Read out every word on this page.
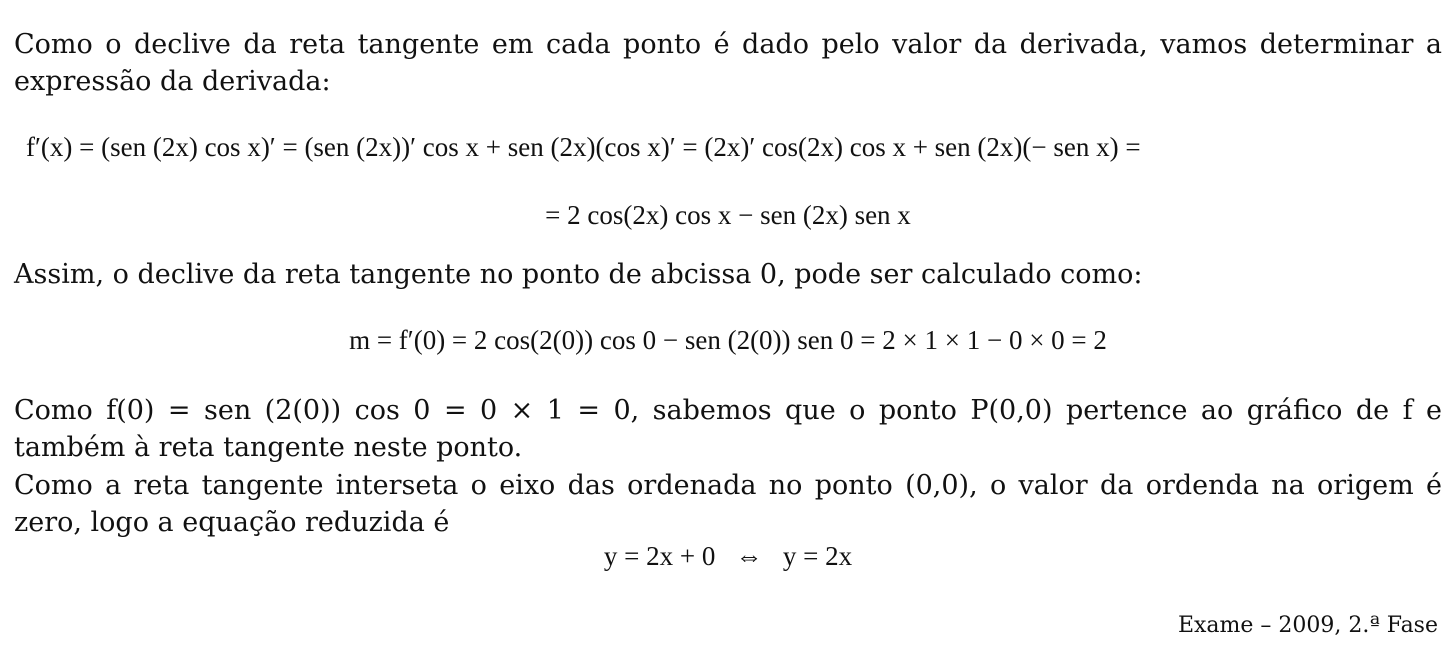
Como o declive da reta tangente em cada ponto é dado pelo valor da derivada, vamos determinar a expressão da derivada:
f′(x) = (sen (2x) cos x)′ = (sen (2x))′ cos x + sen (2x)(cos x)′ = (2x)′ cos(2x) cos x + sen (2x)(− sen x) =
= 2 cos(2x) cos x − sen (2x) sen x
Assim, o declive da reta tangente no ponto de abcissa 0, pode ser calculado como:
m = f′(0) = 2 cos(2(0)) cos 0 − sen (2(0)) sen 0 = 2 × 1 × 1 − 0 × 0 = 2
Como f(0) = sen (2(0)) cos 0 = 0 × 1 = 0, sabemos que o ponto P(0,0) pertence ao gráfico de f e também à reta tangente neste ponto.
Como a reta tangente interseta o eixo das ordenada no ponto (0,0), o valor da ordenda na origem é zero, logo a equação reduzida é
y = 2x + 0   ⇔   y = 2x
Exame – 2009, 2.ª Fase
